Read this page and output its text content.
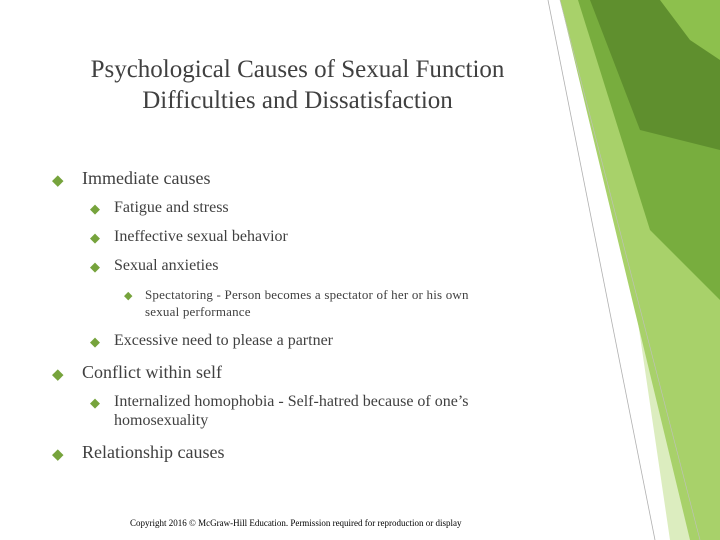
Psychological Causes of Sexual Function
Difficulties and Dissatisfaction
◆ Immediate causes
◆ Fatigue and stress
◆ Ineffective sexual behavior
◆ Sexual anxieties
◆ Spectatoring - Person becomes a spectator of her or his own
sexual performance
◆ Excessive need to please a partner
◆ Conflict within self
◆ Internalized homophobia - Self-hatred because of one’s
homosexuality
◆ Relationship causes
Copyright 2016 © McGraw-Hill Education. Permission required for reproduction or display
